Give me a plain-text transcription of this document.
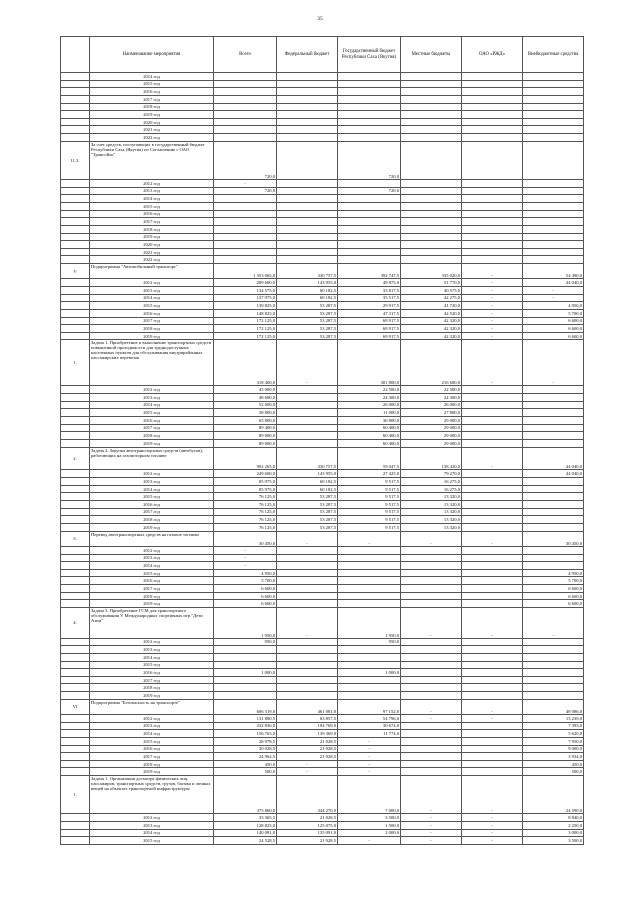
35
	Наименование мероприятия	Всего	Федеральный бюджет	Государственный бюджет Республики Саха (Якутия)	Местные бюджеты	ОАО «РЖД»	Внебюджетные средства
	2014 год						
	2015 год						
	2016 год						
	2017 год						
	2018 год						
	2019 год						
	2020 год						
	2021 год						
	2022 год						
11.3.	За счет средств, поступающих в государственный бюджет Республики Саха (Якутия) по Соглашению с ОАО "Трансойль"	720,0		720,0			
	2012 год	-					
	2013 год	720,0		720,0			
	2014 год						
	2015 год						
	2016 год						
	2017 год						
	2018 год						
	2019 год						
	2020 год						
	2021 год						
	2022 год						
V	Подпрограмма "Автомобильный транспорт"	1 353 065,0	330 757,5	392 747,5	335 020,0	-	54 490,0
	2012 год	289 600,0	143 955,0	49 875,0	51 770,0	-	44 040,0
	2013 год	134 575,0	60 182,5	33 817,5	40 575,0	-	-
	2014 год	137 975,0	60 182,5	35 517,5	42 275,0	-	-
	2015 год	139 825,0	53 287,5	29 917,5	41 720,0	-	4 950,0
	2016 год	148 825,0	53 287,5	47 317,5	42 520,0	-	5 700,0
	2017 год	172 125,0	53 287,5	69 917,5	42 320,0	-	6 600,0
	2018 год	172 125,0	53 287,5	69 917,5	42 320,0	-	6 600,0
	2019 год	172 125,0	53 287,5	69 917,5	42 320,0	-	6 600,0
1.	Задача 1. Приобретение и выполнение транспортных средств повышенной проходимости для труднодоступных населенных пунктов для обслуживания внутрирайонных пассажирских перевозок	318 400,0	-	301 800,0	216 600,0	-	-
	2012 год	45 000,0		22 500,0	22 500,0		
	2013 год	48 600,0		24 300,0	24 300,0		
	2014 год	52 000,0		26 000,0	26 000,0		
	2015 год	38 800,0		11 000,0	27 800,0		
	2016 год	65 800,0		36 800,0	29 000,0		
	2017 год	89 400,0		60 400,0	29 000,0		
	2018 год	89 000,0		60 400,0	29 000,0		
	2019 год	89 000,0		60 400,0	29 000,0		
2.	Задача 2. Закупка автотранспортных средств (автобусов), работающих на газомоторном топливе	902 265,0	330 757,5	59 047,5	138 420,0	-	44 040,0
	2012 год	249 600,0	143 955,0	27 425,0	79 270,0		44 040,0
	2013 год	85 975,0	60 182,5	9 517,5	16 275,0		
	2014 год	85 975,0	60 182,5	9 517,5	16 275,0		
	2015 год	76 125,0	53 287,5	9 517,5	13 320,0		
	2016 год	76 125,0	53 287,5	9 517,5	13 320,0		
	2017 год	76 125,0	53 287,5	9 517,5	13 320,0		
	2018 год	76 125,0	53 287,5	9 517,5	13 320,0		
	2019 год	76 125,0	53 287,5	9 517,5	13 320,0		
3.	Перевод автотранспортных средств на газовое топливо	30 450,0	-	-	-	-	30 450,0
	2012 год	-					
	2013 год	-					
	2014 год	-					
	2015 год	4 950,0					4 950,0
	2016 год	5 700,0					5 700,0
	2017 год	6 600,0					6 600,0
	2018 год	6 600,0					6 600,0
	2019 год	6 600,0					6 600,0
4.	Задача 3. Приобретение ГСМ для транспортного обслуживания V Международных спортивных игр "Дети Азии"	1 950,0	-	1 950,0	-	-	-
	2012 год	950,0		950,0			
	2013 год						
	2014 год						
	2015 год						
	2016 год	1 000,0		1 000,0			
	2017 год						
	2018 год						
	2019 год						
VI	Подпрограмма "Безопасность на транспорте"	606 319,0	461 081,0	97 152,0	-	-	48 086,0
	2012 год	131 880,5	63 857,5	54 796,0	-	-	13 239,0
	2013 год	232 836,0	194 769,0	30 674,0			7 393,0
	2014 год	156 763,0	139 369,0	11 774,0			5 620,0
	2015 год	28 978,5	21 028,5	-			7 950,0
	2016 год	30 028,5	21 028,5	-			9 000,0
	2017 год	24 962,5	21 028,5	-			3 934,0
	2018 год	450,0	-	-			450,0
	2019 год	500,0	-	-			500,0
1.	Задача 1. Организация досмотра физических лиц, пассажиров, транспортных средств, грузов, багажа и личных вещей на объектах транспортной инфраструктуры	375 860,0	344 270,0	7 000,0	-	-	24 590,0
	2012 год	33 365,5	21 028,5	3 500,0	-	-	8 840,0
	2013 год	128 825,0	125 075,0	1 500,0	-	-	2 250,0
	2014 год	140 081,0	135 091,0	2 000,0	-	-	3 000,0
	2015 год	24 528,5	21 028,5	-	-	-	3 500,0
